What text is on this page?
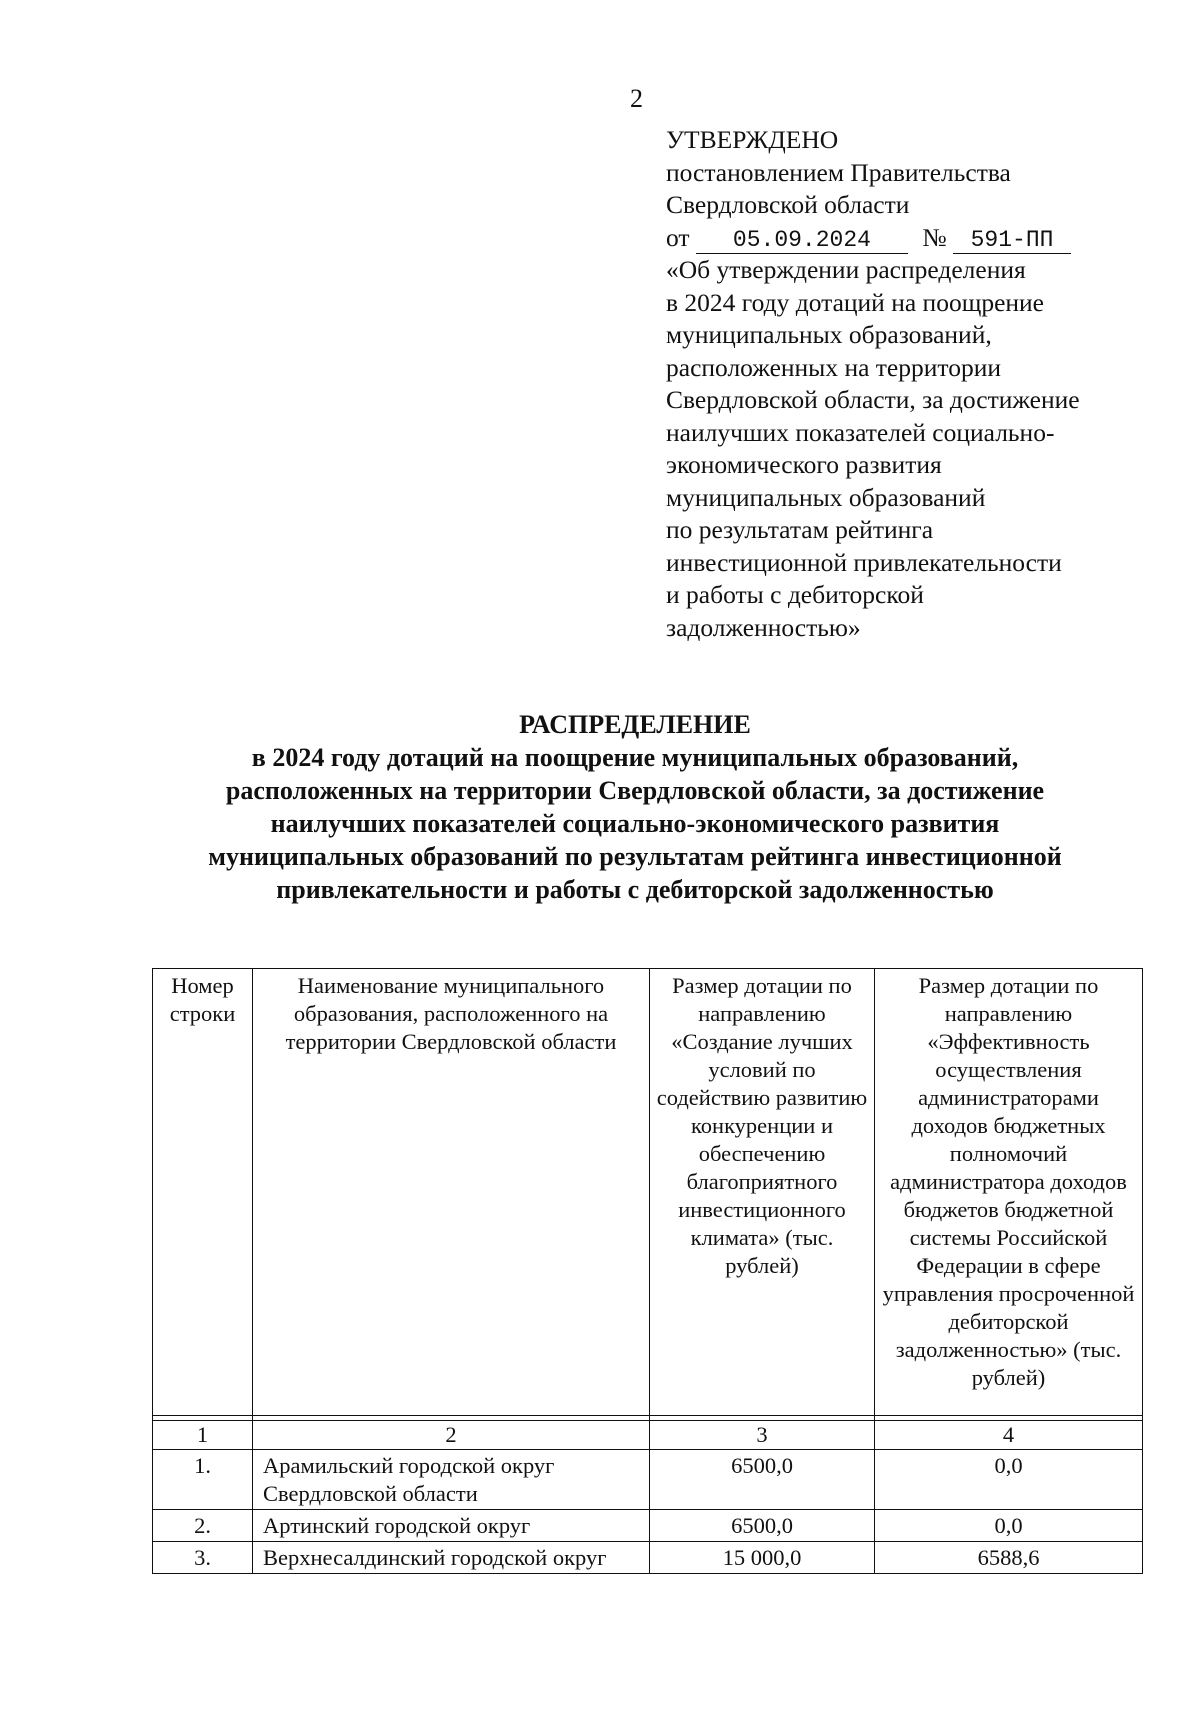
2
УТВЕРЖДЕНО
постановлением Правительства
Свердловской области
от 05.09.2024 № 591-ПП
«Об утверждении распределения
в 2024 году дотаций на поощрение
муниципальных образований,
расположенных на территории
Свердловской области, за достижение
наилучших показателей социально-
экономического развития
муниципальных образований
по результатам рейтинга
инвестиционной привлекательности
и работы с дебиторской
задолженностью»
РАСПРЕДЕЛЕНИЕ
в 2024 году дотаций на поощрение муниципальных образований,
расположенных на территории Свердловской области, за достижение
наилучших показателей социально-экономического развития
муниципальных образований по результатам рейтинга инвестиционной
привлекательности и работы с дебиторской задолженностью
Номер строки	Наименование муниципального образования, расположенного на территории Свердловской области	Размер дотации по направлению «Создание лучших условий по содействию развитию конкуренции и обеспечению благоприятного инвестиционного климата» (тыс. рублей)	Размер дотации по направлению «Эффективность осуществления администраторами доходов бюджетных полномочий администратора доходов бюджетов бюджетной системы Российской Федерации в сфере управления просроченной дебиторской задолженностью» (тыс. рублей)

1	2	3	4
1.	Арамильский городской округ Свердловской области	6500,0	0,0
2.	Артинский городской округ	6500,0	0,0
3.	Верхнесалдинский городской округ	15 000,0	6588,6
